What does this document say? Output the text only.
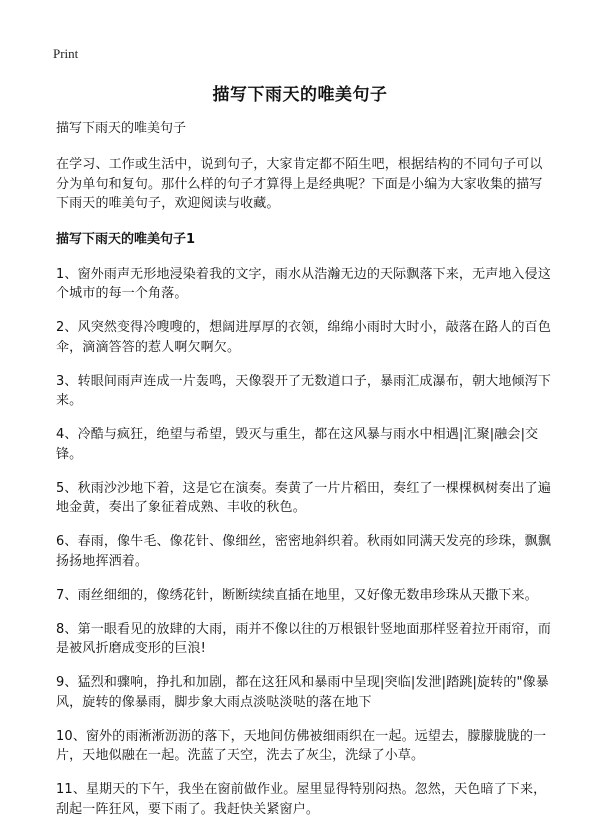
Print
描写下雨天的唯美句子

描写下雨天的唯美句子

在学习、工作或生活中，说到句子，大家肯定都不陌生吧，根据结构的不同句子可以分为单句和复句。那什么样的句子才算得上是经典呢？下面是小编为大家收集的描写下雨天的唯美句子，欢迎阅读与收藏。

描写下雨天的唯美句子1

1、窗外雨声无形地浸染着我的文字，雨水从浩瀚无边的天际飘落下来，无声地入侵这个城市的每一个角落。
2、风突然变得冷嗖嗖的，想阔进厚厚的衣领，绵绵小雨时大时小，敲落在路人的百色伞，滴滴答答的惹人啊欠啊欠。
3、转眼间雨声连成一片轰鸣，天像裂开了无数道口子，暴雨汇成瀑布，朝大地倾泻下来。
4、冷酷与疯狂，绝望与希望，毁灭与重生，都在这风暴与雨水中相遇|汇聚|融会|交锋。
5、秋雨沙沙地下着，这是它在演奏。奏黄了一片片稻田，奏红了一棵棵枫树奏出了遍地金黄，奏出了象征着成熟、丰收的秋色。
6、春雨，像牛毛、像花针、像细丝，密密地斜织着。秋雨如同满天发亮的珍珠，飘飘扬扬地挥洒着。
7、雨丝细细的，像绣花针，断断续续直插在地里，又好像无数串珍珠从天撒下来。
8、第一眼看见的放肆的大雨，雨并不像以往的万根银针竖地面那样竖着拉开雨帘，而是被风折磨成变形的巨浪!
9、猛烈和骤响，挣扎和加剧，都在这狂风和暴雨中呈现|突临|发泄|踏跳|旋转的"像暴风，旋转的像暴雨，脚步象大雨点淡哒淡哒的落在地下
10、窗外的雨淅淅沥沥的落下，天地间仿佛被细雨织在一起。远望去，朦朦胧胧的一片，天地似融在一起。洗蓝了天空，洗去了灰尘，洗绿了小草。
11、星期天的下午，我坐在窗前做作业。屋里显得特别闷热。忽然，天色暗了下来，刮起一阵狂风，要下雨了。我赶快关紧窗户。
